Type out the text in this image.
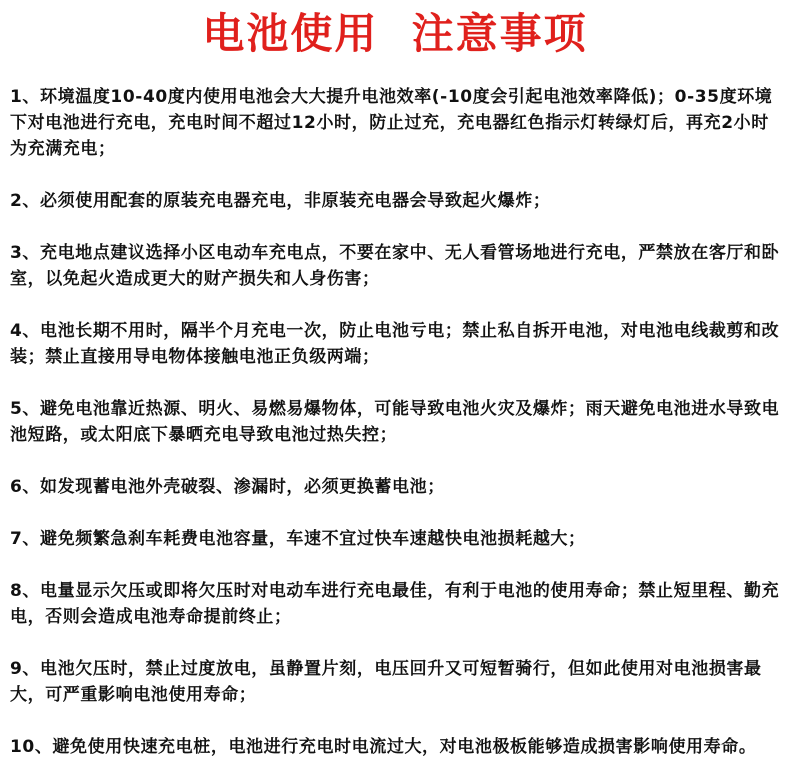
电池使用  注意事项
1、环境温度10-40度内使用电池会大大提升电池效率(-10度会引起电池效率降低)；0-35度环境下对电池进行充电，充电时间不超过12小时，防止过充，充电器红色指示灯转绿灯后，再充2小时为充满充电；
2、必须使用配套的原装充电器充电，非原装充电器会导致起火爆炸；
3、充电地点建议选择小区电动车充电点，不要在家中、无人看管场地进行充电，严禁放在客厅和卧室，以免起火造成更大的财产损失和人身伤害；
4、电池长期不用时，隔半个月充电一次，防止电池亏电；禁止私自拆开电池，对电池电线裁剪和改装；禁止直接用导电物体接触电池正负级两端；
5、避免电池靠近热源、明火、易燃易爆物体，可能导致电池火灾及爆炸；雨天避免电池进水导致电池短路，或太阳底下暴晒充电导致电池过热失控；
6、如发现蓄电池外壳破裂、渗漏时，必须更换蓄电池；
7、避免频繁急刹车耗费电池容量，车速不宜过快车速越快电池损耗越大；
8、电量显示欠压或即将欠压时对电动车进行充电最佳，有利于电池的使用寿命；禁止短里程、勤充电，否则会造成电池寿命提前终止；
9、电池欠压时，禁止过度放电，虽静置片刻，电压回升又可短暂骑行，但如此使用对电池损害最大，可严重影响电池使用寿命；
10、避免使用快速充电桩，电池进行充电时电流过大，对电池极板能够造成损害影响使用寿命。
